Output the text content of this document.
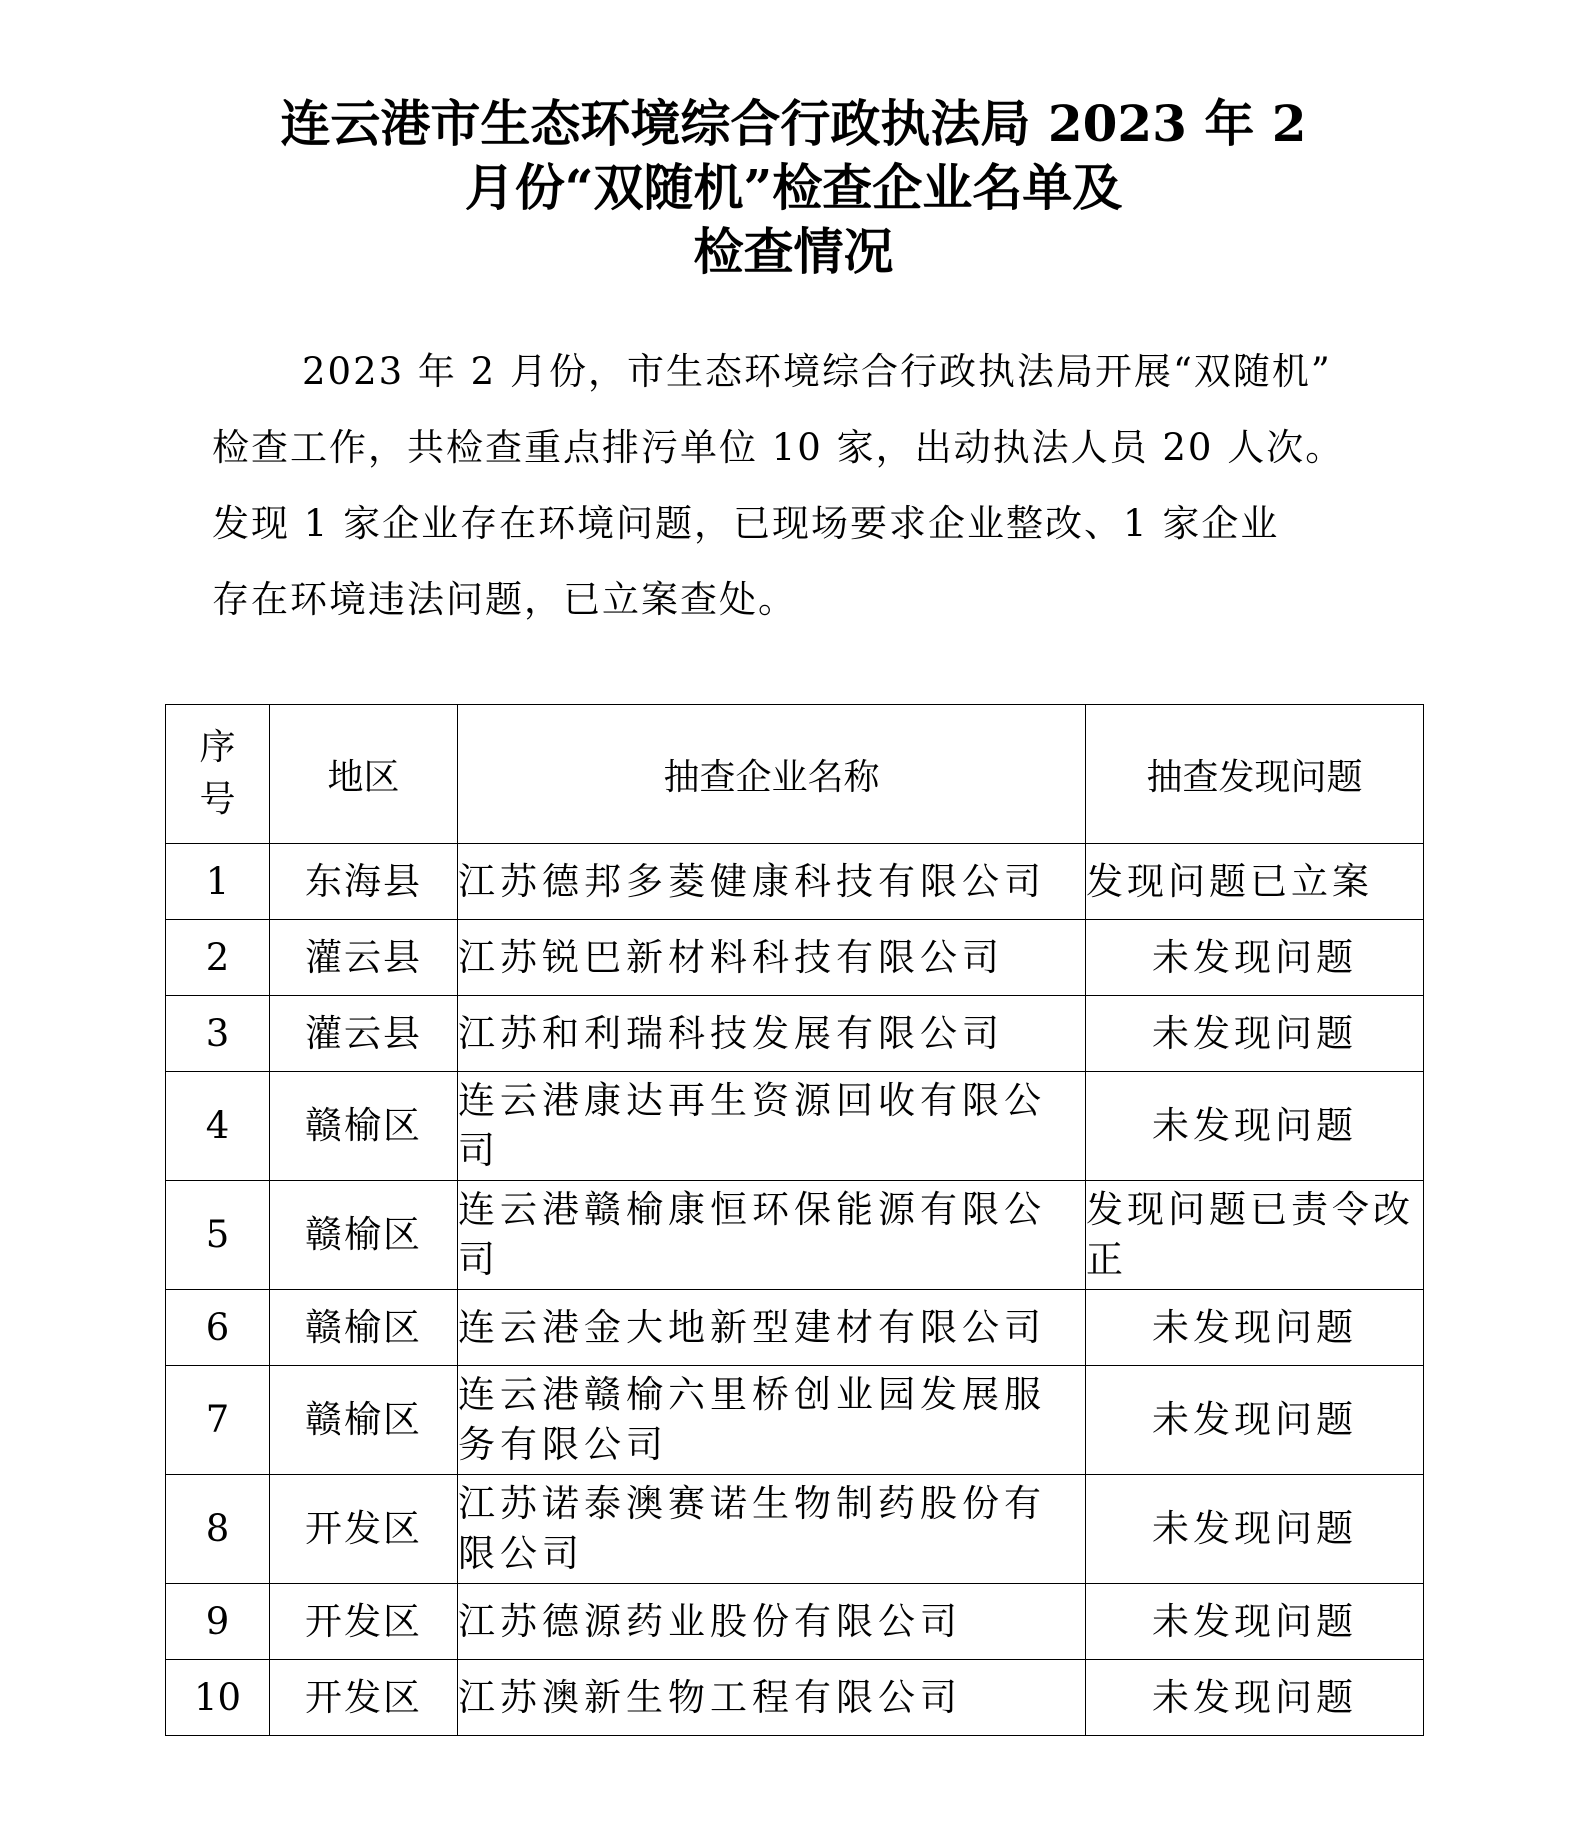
连云港市生态环境综合行政执法局 2023 年 2
月份“双随机”检查企业名单及
检查情况
2023 年 2 月份，市生态环境综合行政执法局开展“双随机”
检查工作，共检查重点排污单位 10 家，出动执法人员 20 人次。
发现 1 家企业存在环境问题，已现场要求企业整改、1 家企业
存在环境违法问题，已立案查处。
序号	地区	抽查企业名称	抽查发现问题
1	东海县	江苏德邦多菱健康科技有限公司	发现问题已立案
2	灌云县	江苏锐巴新材料科技有限公司	未发现问题
3	灌云县	江苏和利瑞科技发展有限公司	未发现问题
4	赣榆区	连云港康达再生资源回收有限公司	未发现问题
5	赣榆区	连云港赣榆康恒环保能源有限公司	发现问题已责令改正
6	赣榆区	连云港金大地新型建材有限公司	未发现问题
7	赣榆区	连云港赣榆六里桥创业园发展服务有限公司	未发现问题
8	开发区	江苏诺泰澳赛诺生物制药股份有限公司	未发现问题
9	开发区	江苏德源药业股份有限公司	未发现问题
10	开发区	江苏澳新生物工程有限公司	未发现问题
